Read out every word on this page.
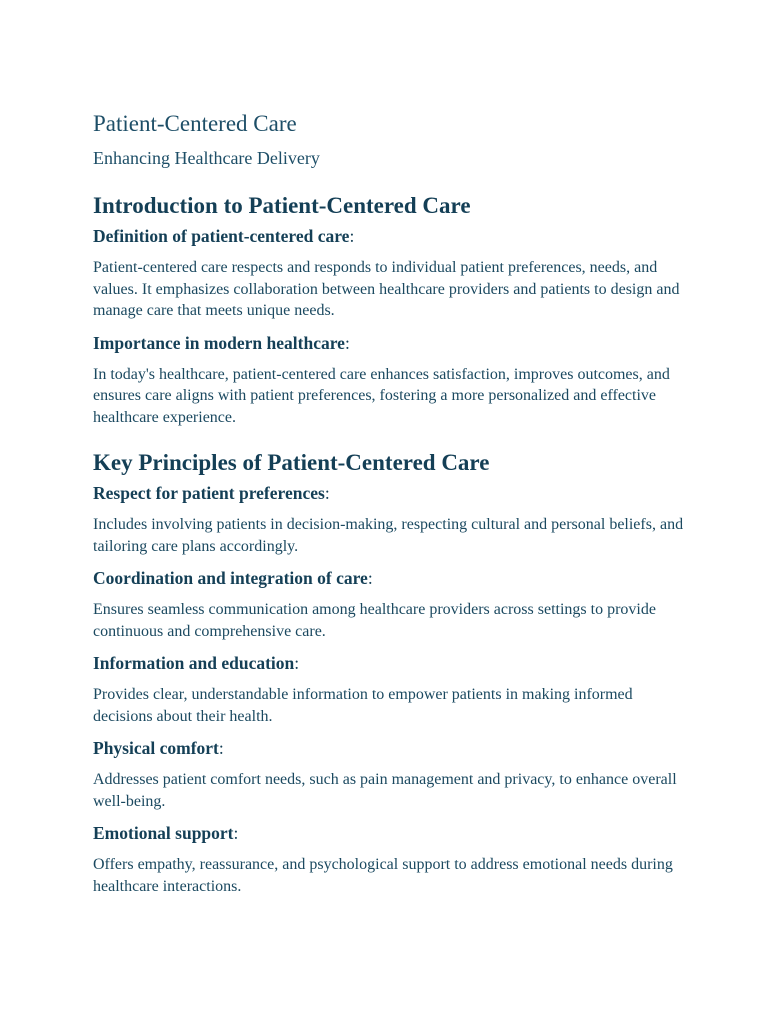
Patient-Centered Care

Enhancing Healthcare Delivery

Introduction to Patient-Centered Care

Definition of patient-centered care:

Patient-centered care respects and responds to individual patient preferences, needs, and values. It emphasizes collaboration between healthcare providers and patients to design and manage care that meets unique needs.

Importance in modern healthcare:

In today's healthcare, patient-centered care enhances satisfaction, improves outcomes, and ensures care aligns with patient preferences, fostering a more personalized and effective healthcare experience.

Key Principles of Patient-Centered Care

Respect for patient preferences:

Includes involving patients in decision-making, respecting cultural and personal beliefs, and tailoring care plans accordingly.

Coordination and integration of care:

Ensures seamless communication among healthcare providers across settings to provide continuous and comprehensive care.

Information and education:

Provides clear, understandable information to empower patients in making informed decisions about their health.

Physical comfort:

Addresses patient comfort needs, such as pain management and privacy, to enhance overall well-being.

Emotional support:

Offers empathy, reassurance, and psychological support to address emotional needs during healthcare interactions.
